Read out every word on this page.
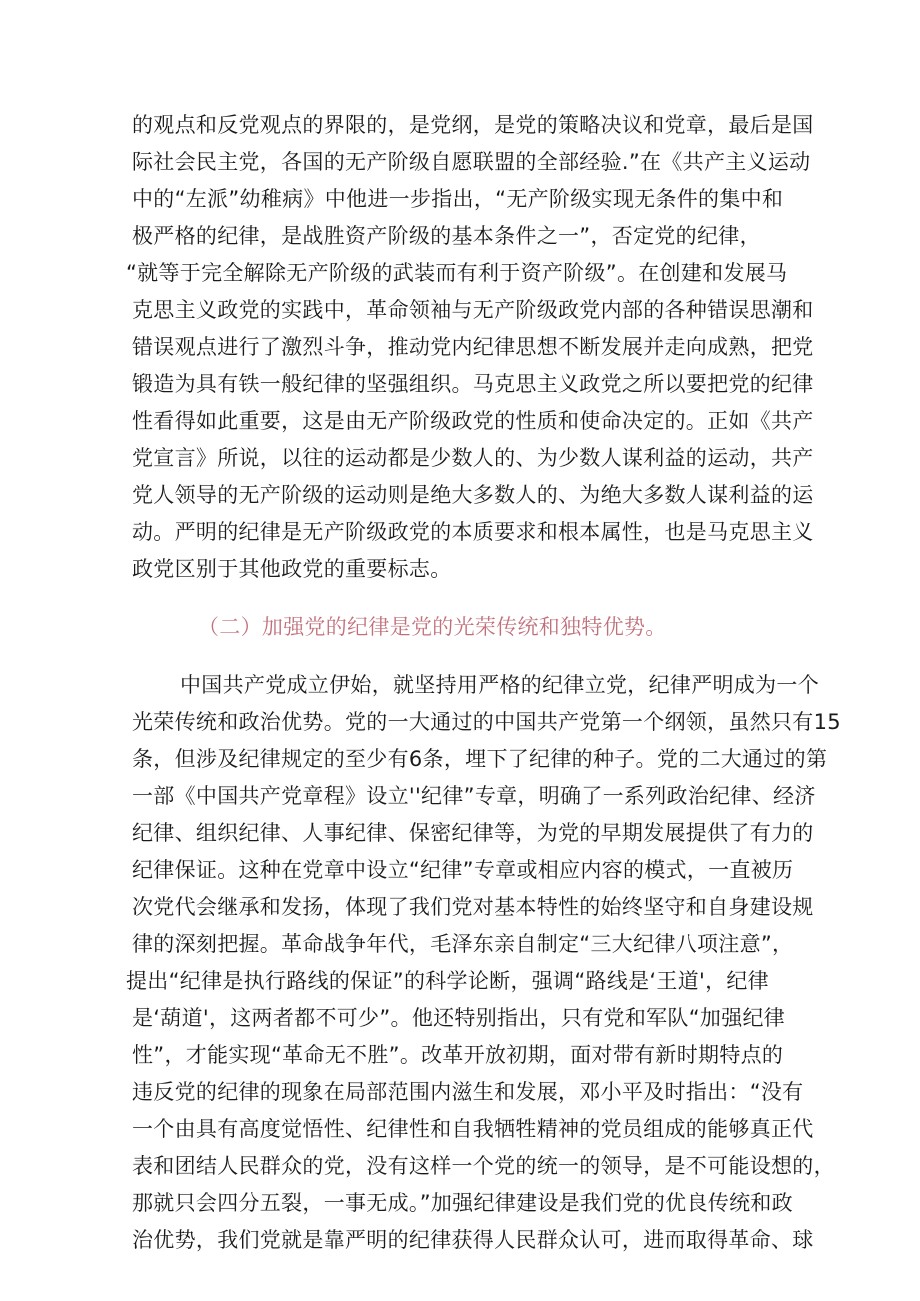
的观点和反党观点的界限的，是党纲，是党的策略决议和党章，最后是国
际社会民主党，各国的无产阶级自愿联盟的全部经验.”在《共产主义运动
中的“左派”幼稚病》中他进一步指出，“无产阶级实现无条件的集中和
极严格的纪律，是战胜资产阶级的基本条件之一”，否定党的纪律，
“就等于完全解除无产阶级的武装而有利于资产阶级”。在创建和发展马
克思主义政党的实践中，革命领袖与无产阶级政党内部的各种错误思潮和
错误观点进行了激烈斗争，推动党内纪律思想不断发展并走向成熟，把党
锻造为具有铁一般纪律的坚强组织。马克思主义政党之所以要把党的纪律
性看得如此重要，这是由无产阶级政党的性质和使命决定的。正如《共产
党宣言》所说，以往的运动都是少数人的、为少数人谋利益的运动，共产
党人领导的无产阶级的运动则是绝大多数人的、为绝大多数人谋利益的运
动。严明的纪律是无产阶级政党的本质要求和根本属性，也是马克思主义
政党区别于其他政党的重要标志。
（二）加强党的纪律是党的光荣传统和独特优势。
中国共产党成立伊始，就坚持用严格的纪律立党，纪律严明成为一个
光荣传统和政治优势。党的一大通过的中国共产党第一个纲领，虽然只有15
条，但涉及纪律规定的至少有6条，埋下了纪律的种子。党的二大通过的第
一部《中国共产党章程》设立''纪律”专章，明确了一系列政治纪律、经济
纪律、组织纪律、人事纪律、保密纪律等，为党的早期发展提供了有力的
纪律保证。这种在党章中设立“纪律”专章或相应内容的模式，一直被历
次党代会继承和发扬，体现了我们党对基本特性的始终坚守和自身建设规
律的深刻把握。革命战争年代，毛泽东亲自制定“三大纪律八项注意”，
提出“纪律是执行路线的保证”的科学论断，强调“路线是‘王道'，纪律
是‘葫道'，这两者都不可少”。他还特别指出，只有党和军队“加强纪律
性”，才能实现“革命无不胜”。改革开放初期，面对带有新时期特点的
违反党的纪律的现象在局部范围内滋生和发展，邓小平及时指出：“没有
一个由具有高度觉悟性、纪律性和自我牺牲精神的党员组成的能够真正代
表和团结人民群众的党，没有这样一个党的统一的领导，是不可能设想的，
那就只会四分五裂，一事无成。”加强纪律建设是我们党的优良传统和政
治优势，我们党就是靠严明的纪律获得人民群众认可，进而取得革命、球
